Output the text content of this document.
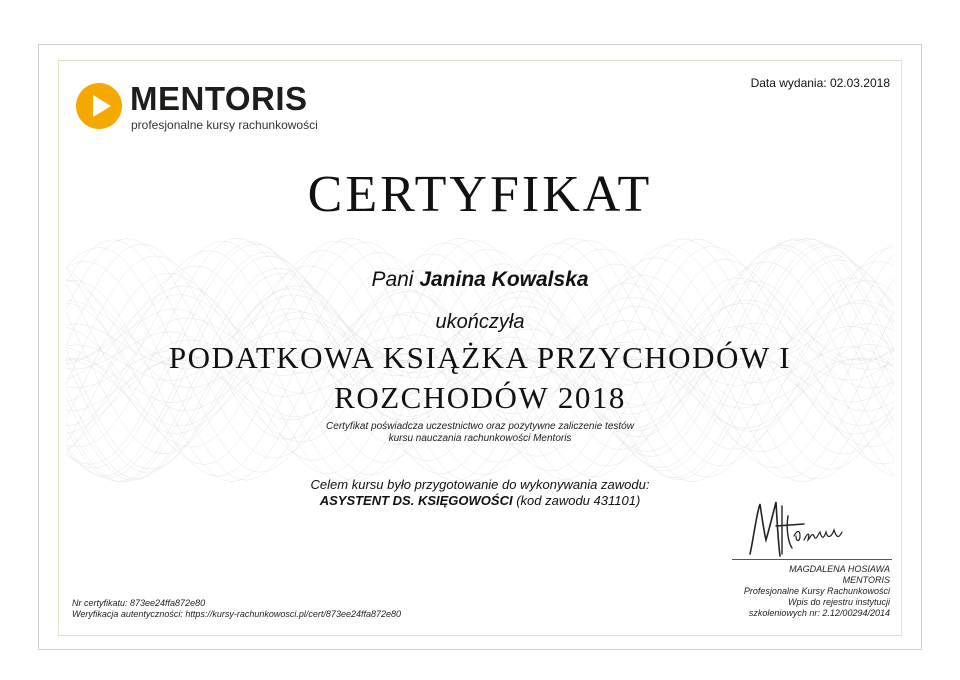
MENTORIS
profesjonalne kursy rachunkowości
Data wydania: 02.03.2018
CERTYFIKAT
Pani Janina Kowalska
ukończyła
PODATKOWA KSIĄŻKA PRZYCHODÓW I
ROZCHODÓW 2018
Certyfikat poświadcza uczestnictwo oraz pozytywne zaliczenie testów
kursu nauczania rachunkowości Mentoris
Celem kursu było przygotowanie do wykonywania zawodu:
ASYSTENT DS. KSIĘGOWOŚCI (kod zawodu 431101)
Nr certyfikatu: 873ee24ffa872e80
Weryfikacja autentyczności: https://kursy-rachunkowosci.pl/cert/873ee24ffa872e80
MAGDALENA HOSIAWA
MENTORIS
Profesjonalne Kursy Rachunkowości
Wpis do rejestru instytucji
szkoleniowych nr: 2.12/00294/2014
